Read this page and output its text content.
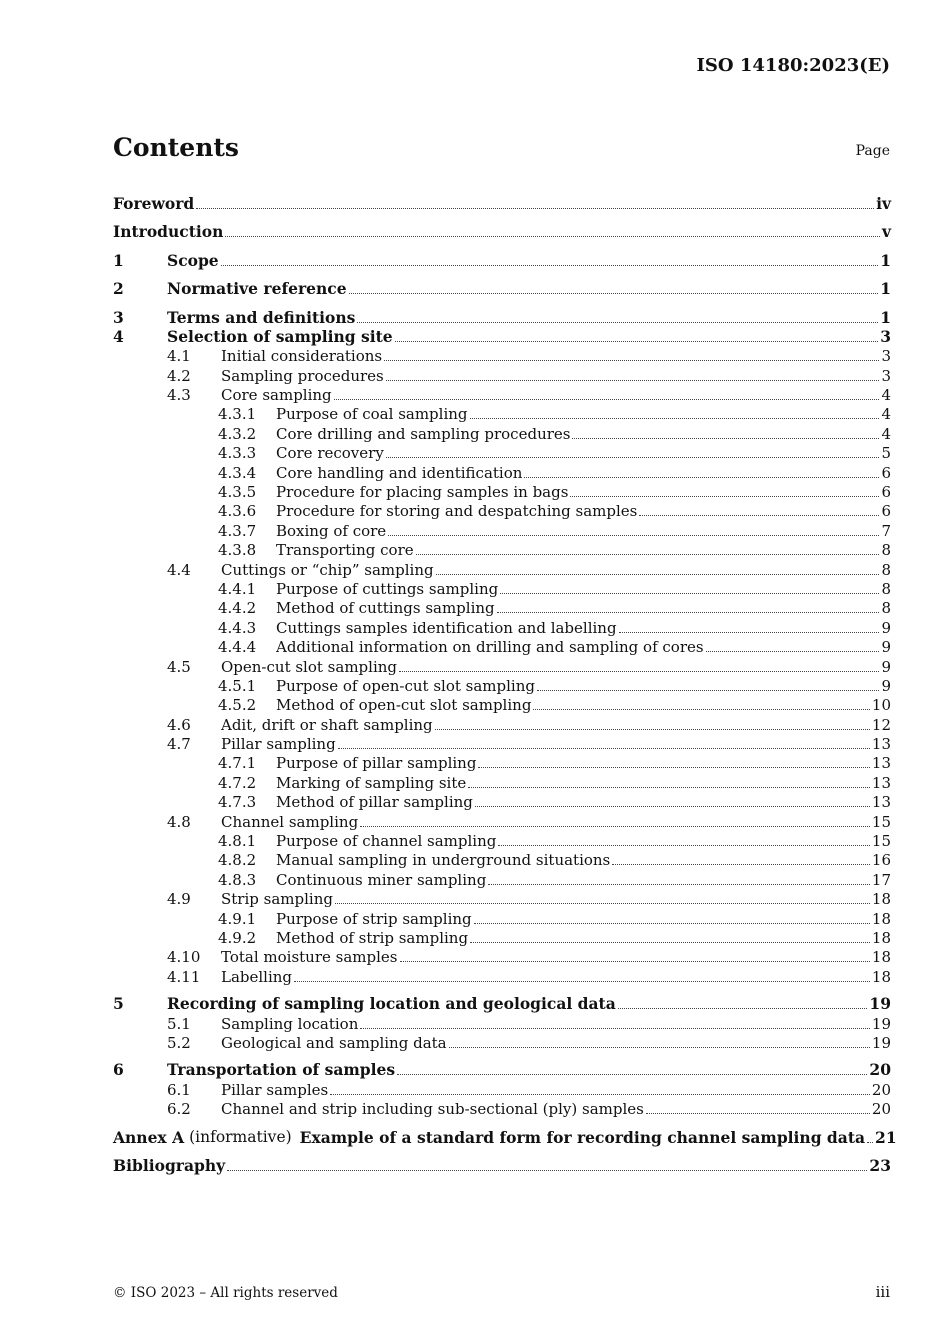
ISO 14180:2023(E)
Contents	Page
Foreword	iv
Introduction	v
1	Scope	1
2	Normative reference	1
3	Terms and definitions	1
4	Selection of sampling site	3
4.1	Initial considerations	3
4.2	Sampling procedures	3
4.3	Core sampling	4
4.3.1	Purpose of coal sampling	4
4.3.2	Core drilling and sampling procedures	4
4.3.3	Core recovery	5
4.3.4	Core handling and identification	6
4.3.5	Procedure for placing samples in bags	6
4.3.6	Procedure for storing and despatching samples	6
4.3.7	Boxing of core	7
4.3.8	Transporting core	8
4.4	Cuttings or “chip” sampling	8
4.4.1	Purpose of cuttings sampling	8
4.4.2	Method of cuttings sampling	8
4.4.3	Cuttings samples identification and labelling	9
4.4.4	Additional information on drilling and sampling of cores	9
4.5	Open-cut slot sampling	9
4.5.1	Purpose of open-cut slot sampling	9
4.5.2	Method of open-cut slot sampling	10
4.6	Adit, drift or shaft sampling	12
4.7	Pillar sampling	13
4.7.1	Purpose of pillar sampling	13
4.7.2	Marking of sampling site	13
4.7.3	Method of pillar sampling	13
4.8	Channel sampling	15
4.8.1	Purpose of channel sampling	15
4.8.2	Manual sampling in underground situations	16
4.8.3	Continuous miner sampling	17
4.9	Strip sampling	18
4.9.1	Purpose of strip sampling	18
4.9.2	Method of strip sampling	18
4.10	Total moisture samples	18
4.11	Labelling	18
5	Recording of sampling location and geological data	19
5.1	Sampling location	19
5.2	Geological and sampling data	19
6	Transportation of samples	20
6.1	Pillar samples	20
6.2	Channel and strip including sub-sectional (ply) samples	20
Annex A (informative) Example of a standard form for recording channel sampling data 21
Bibliography	23
© ISO 2023 – All rights reserved	iii
